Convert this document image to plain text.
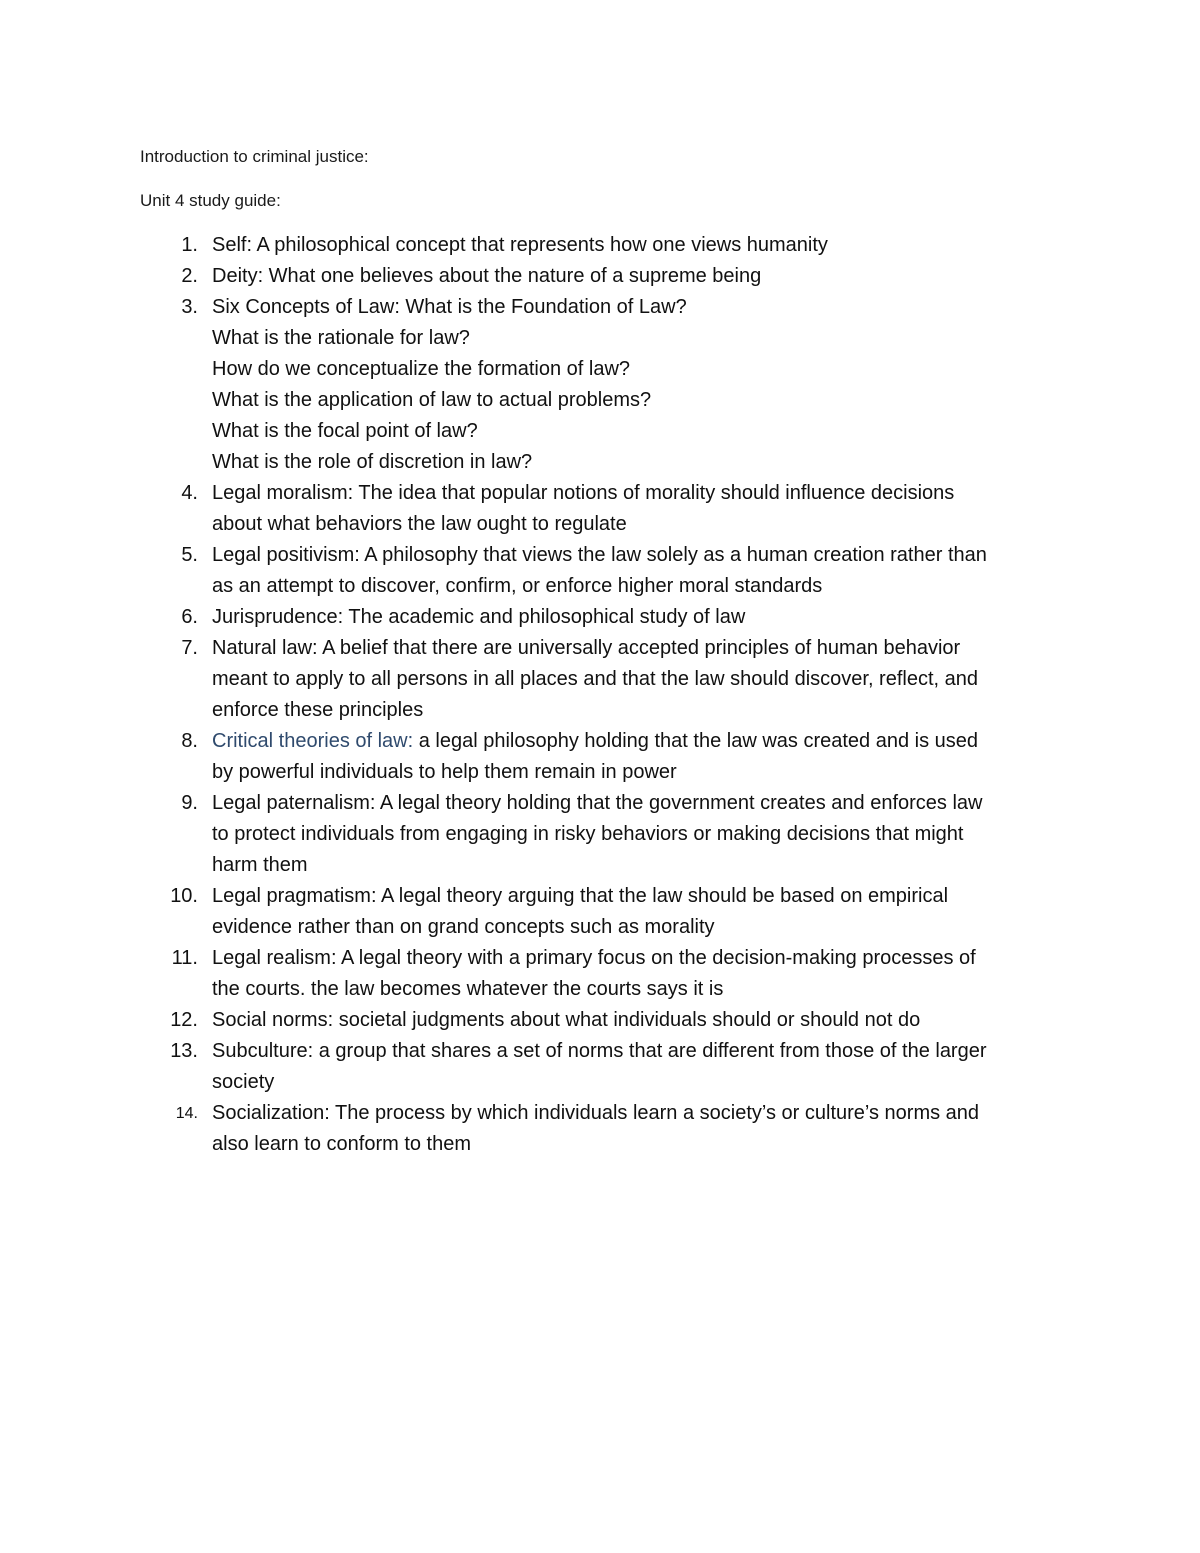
Introduction to criminal justice:
Unit 4 study guide:
1. Self: A philosophical concept that represents how one views humanity
2. Deity: What one believes about the nature of a supreme being
3. Six Concepts of Law: What is the Foundation of Law?
What is the rationale for law?
How do we conceptualize the formation of law?
What is the application of law to actual problems?
What is the focal point of law?
What is the role of discretion in law?
4. Legal moralism: The idea that popular notions of morality should influence decisions
about what behaviors the law ought to regulate
5. Legal positivism: A philosophy that views the law solely as a human creation rather than
as an attempt to discover, confirm, or enforce higher moral standards
6. Jurisprudence: The academic and philosophical study of law
7. Natural law: A belief that there are universally accepted principles of human behavior
meant to apply to all persons in all places and that the law should discover, reflect, and
enforce these principles
8. Critical theories of law: a legal philosophy holding that the law was created and is used
by powerful individuals to help them remain in power
9. Legal paternalism: A legal theory holding that the government creates and enforces law
to protect individuals from engaging in risky behaviors or making decisions that might
harm them
10. Legal pragmatism: A legal theory arguing that the law should be based on empirical
evidence rather than on grand concepts such as morality
11. Legal realism: A legal theory with a primary focus on the decision-making processes of
the courts. the law becomes whatever the courts says it is
12. Social norms: societal judgments about what individuals should or should not do
13. Subculture: a group that shares a set of norms that are different from those of the larger
society
14. Socialization: The process by which individuals learn a society’s or culture’s norms and
also learn to conform to them
